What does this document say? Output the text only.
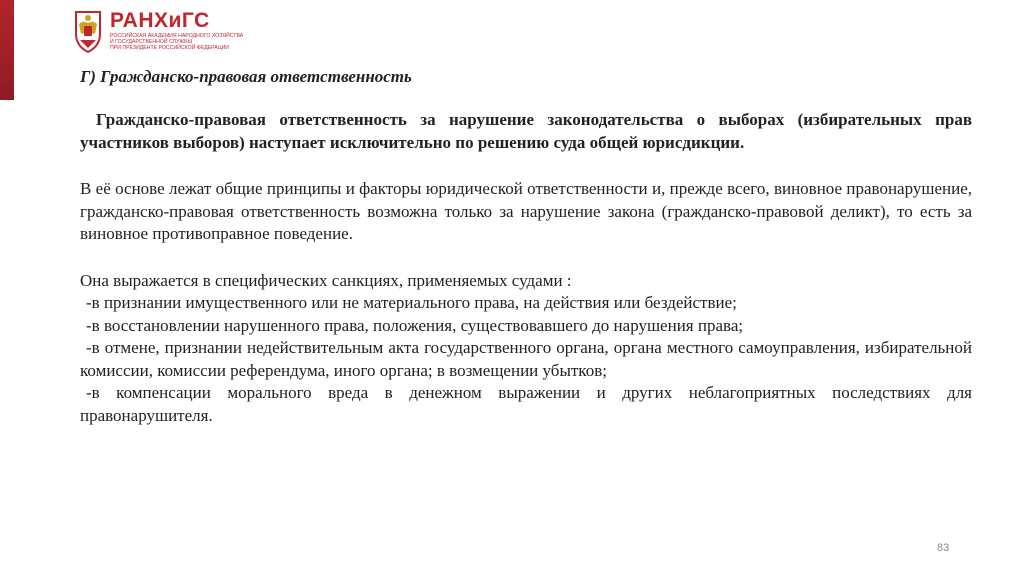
РАНХиГС
РОССИЙСКАЯ АКАДЕМИЯ НАРОДНОГО ХОЗЯЙСТВА
И ГОСУДАРСТВЕННОЙ СЛУЖБЫ
ПРИ ПРЕЗИДЕНТЕ РОССИЙСКОЙ ФЕДЕРАЦИИ
Г) Гражданско-правовая ответственность

Гражданско-правовая ответственность за нарушение законодательства о выборах (избирательных прав участников выборов) наступает исключительно по решению суда общей юрисдикции.

В её основе лежат общие принципы и факторы юридической ответственности и, прежде всего, виновное правонарушение, гражданско-правовая ответственность возможна только за нарушение закона (гражданско-правовой деликт), то есть за виновное противоправное поведение.

Она выражается в специфических санкциях, применяемых судами :

-в признании имущественного или не материального права, на действия или бездействие;

-в восстановлении нарушенного права, положения, существовавшего до нарушения права;

-в отмене, признании недействительным акта государственного органа, органа местного самоуправления, избирательной комиссии, комиссии референдума, иного органа; в возмещении убытков;

-в компенсации морального вреда в денежном выражении и других неблагоприятных последствиях для правонарушителя.

83
